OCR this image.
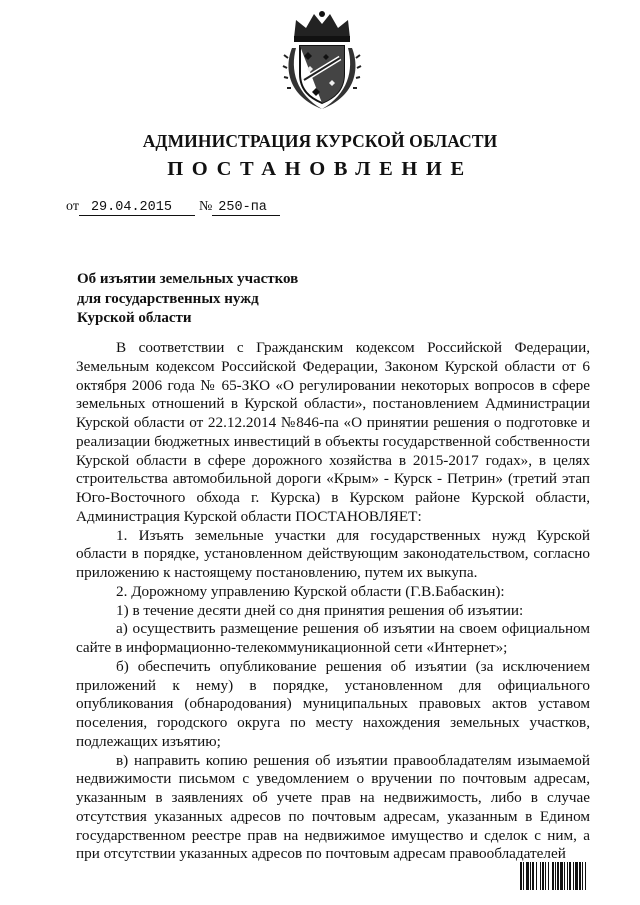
АДМИНИСТРАЦИЯ КУРСКОЙ ОБЛАСТИ
ПОСТАНОВЛЕНИЕ
от 29.04.2015 № 250-па
Об изъятии земельных участков
для государственных нужд
Курской области

В соответствии с Гражданским кодексом Российской Федерации, Земельным кодексом Российской Федерации, Законом Курской области от 6 октября 2006 года № 65-ЗКО «О регулировании некоторых вопросов в сфере земельных отношений в Курской области», постановлением Администрации Курской области от 22.12.2014 №846-па «О принятии решения о подготовке и реализации бюджетных инвестиций в объекты государственной собственности Курской области в сфере дорожного хозяйства в 2015-2017 годах», в целях строительства автомобильной дороги «Крым» - Курск - Петрин» (третий этап Юго-Восточного обхода г. Курска) в Курском районе Курской области, Администрация Курской области ПОСТАНОВЛЯЕТ:

1. Изъять земельные участки для государственных нужд Курской области в порядке, установленном действующим законодательством, согласно приложению к настоящему постановлению, путем их выкупа.

2. Дорожному управлению Курской области (Г.В.Бабаскин):

1) в течение десяти дней со дня принятия решения об изъятии:

а) осуществить размещение решения об изъятии на своем официальном сайте в информационно-телекоммуникационной сети «Интернет»;

б) обеспечить опубликование решения об изъятии (за исключением приложений к нему) в порядке, установленном для официального опубликования (обнародования) муниципальных правовых актов уставом поселения, городского округа по месту нахождения земельных участков, подлежащих изъятию;

в) направить копию решения об изъятии правообладателям изымаемой недвижимости письмом с уведомлением о вручении по почтовым адресам, указанным в заявлениях об учете прав на недвижимость, либо в случае отсутствия указанных адресов по почтовым адресам, указанным в Едином государственном реестре прав на недвижимое имущество и сделок с ним, а при отсутствии указанных адресов по почтовым адресам правообладателей
